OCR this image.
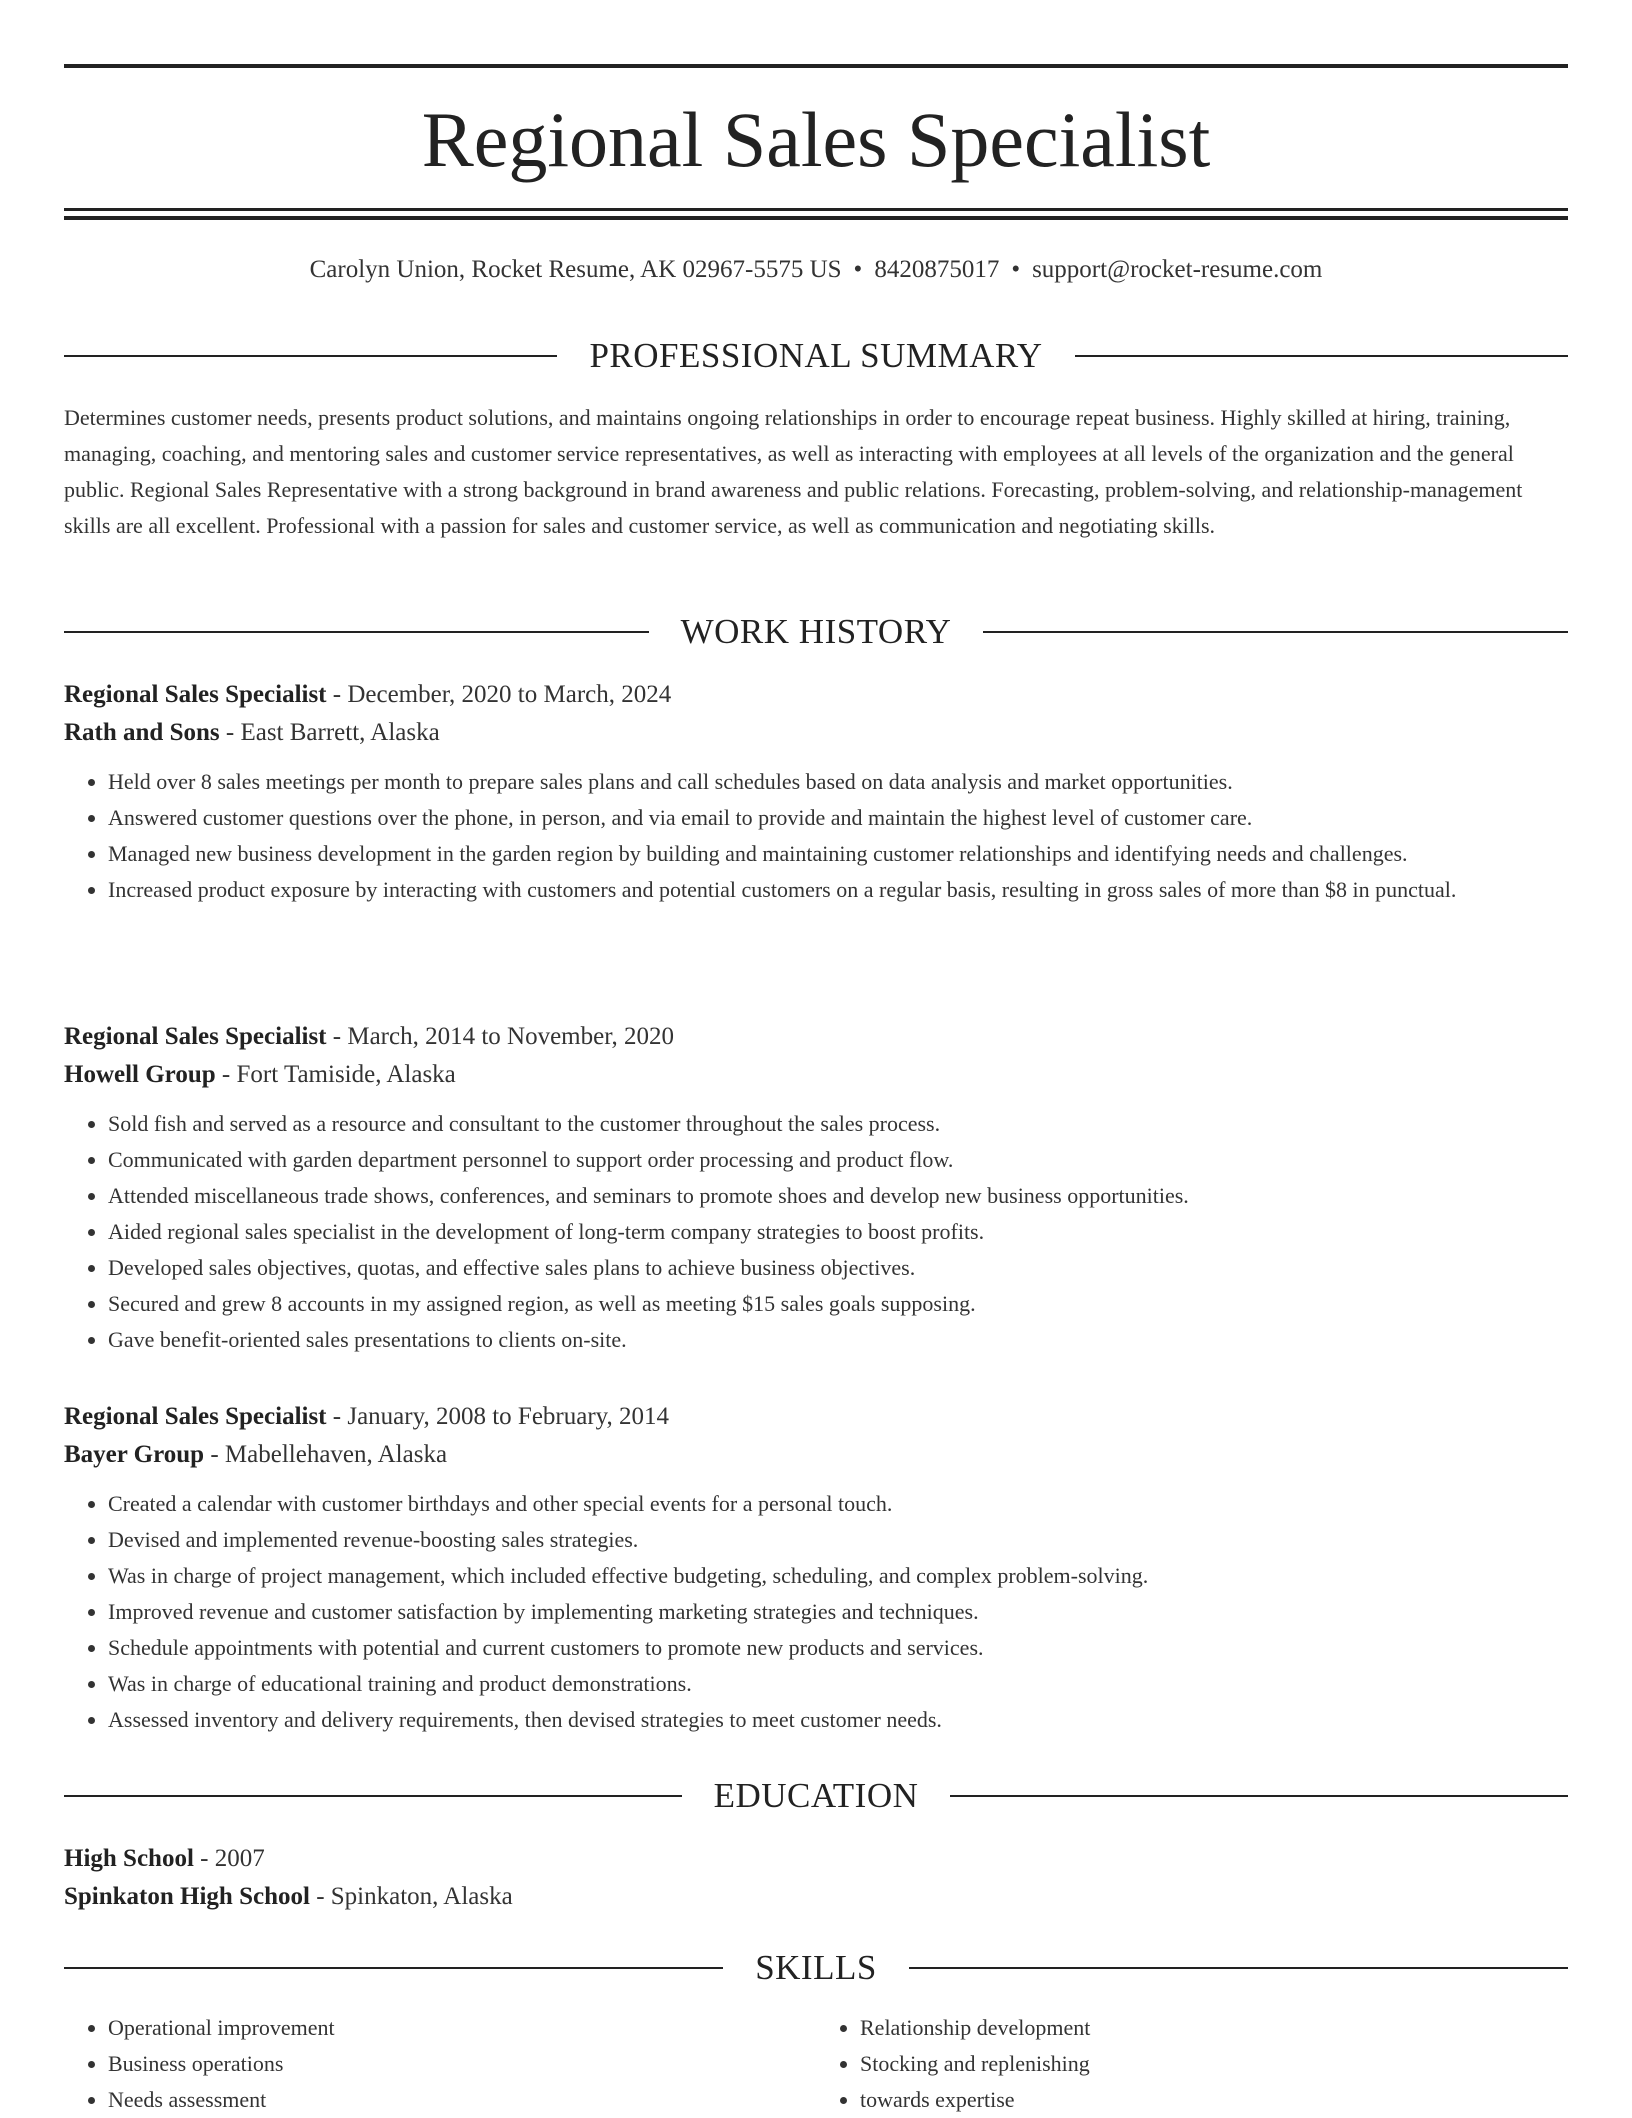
Regional Sales Specialist
Carolyn Union, Rocket Resume, AK 02967-5575 US • 8420875017 • support@rocket-resume.com
PROFESSIONAL SUMMARY

Determines customer needs, presents product solutions, and maintains ongoing relationships in order to encourage repeat business. Highly skilled at hiring, training, managing, coaching, and mentoring sales and customer service representatives, as well as interacting with employees at all levels of the organization and the general public. Regional Sales Representative with a strong background in brand awareness and public relations. Forecasting, problem-solving, and relationship-management skills are all excellent. Professional with a passion for sales and customer service, as well as communication and negotiating skills.

WORK HISTORY
Regional Sales Specialist - December, 2020 to March, 2024
Rath and Sons - East Barrett, Alaska
• Held over 8 sales meetings per month to prepare sales plans and call schedules based on data analysis and market opportunities.
• Answered customer questions over the phone, in person, and via email to provide and maintain the highest level of customer care.
• Managed new business development in the garden region by building and maintaining customer relationships and identifying needs and challenges.
• Increased product exposure by interacting with customers and potential customers on a regular basis, resulting in gross sales of more than $8 in punctual.
Regional Sales Specialist - March, 2014 to November, 2020
Howell Group - Fort Tamiside, Alaska
• Sold fish and served as a resource and consultant to the customer throughout the sales process.
• Communicated with garden department personnel to support order processing and product flow.
• Attended miscellaneous trade shows, conferences, and seminars to promote shoes and develop new business opportunities.
• Aided regional sales specialist in the development of long-term company strategies to boost profits.
• Developed sales objectives, quotas, and effective sales plans to achieve business objectives.
• Secured and grew 8 accounts in my assigned region, as well as meeting $15 sales goals supposing.
• Gave benefit-oriented sales presentations to clients on-site.
Regional Sales Specialist - January, 2008 to February, 2014
Bayer Group - Mabellehaven, Alaska
• Created a calendar with customer birthdays and other special events for a personal touch.
• Devised and implemented revenue-boosting sales strategies.
• Was in charge of project management, which included effective budgeting, scheduling, and complex problem-solving.
• Improved revenue and customer satisfaction by implementing marketing strategies and techniques.
• Schedule appointments with potential and current customers to promote new products and services.
• Was in charge of educational training and product demonstrations.
• Assessed inventory and delivery requirements, then devised strategies to meet customer needs.
EDUCATION
High School - 2007
Spinkaton High School - Spinkaton, Alaska
SKILLS
• Operational improvement
• Business operations
• Needs assessment
• Relationship development
• Stocking and replenishing
• towards expertise
